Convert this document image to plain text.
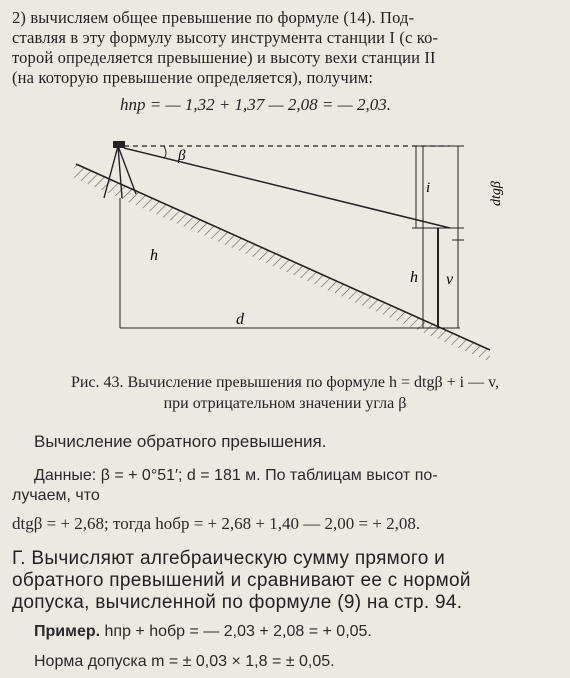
2) вычисляем общее превышение по формуле (14). Под-
ставляя в эту формулу высоту инструмента станции I (с ко-
торой определяется превышение) и высоту вехи станции II
(на которую превышение определяется), получим:
hпр = — 1,32 + 1,37 — 2,08 = — 2,03.
β
h
d
h
i	dtgβ
v
Рис. 43. Вычисление превышения по формуле h = dtgβ + i — v,
при отрицательном значении угла β
Вычисление обратного превышения.
Данные: β = + 0°51′; d = 181 м. По таблицам высот по-
лучаем, что
dtgβ = + 2,68; тогда hобр = + 2,68 + 1,40 — 2,00 = + 2,08.
Г. Вычисляют алгебраическую сумму прямого и
обратного превышений и сравнивают ее с нормой
допуска, вычисленной по формуле (9) на стр. 94.
Пример. hпр + hобр = — 2,03 + 2,08 = + 0,05.
Норма допуска m = ± 0,03 × 1,8 = ± 0,05.
